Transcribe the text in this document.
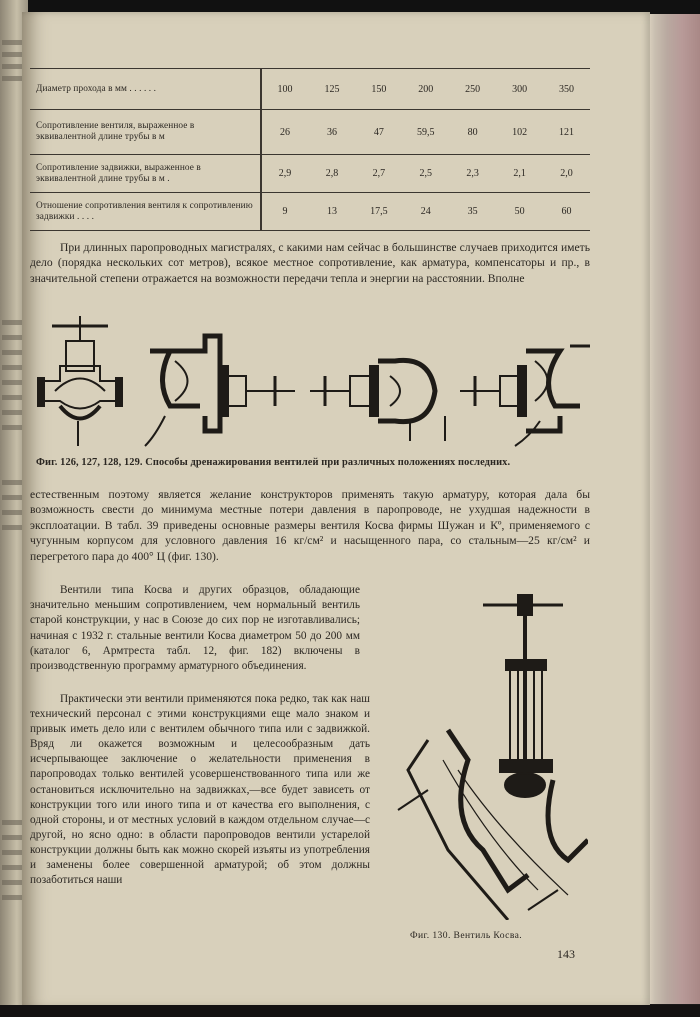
Диаметр прохода в мм . . . . . .	100	125	150	200	250	300	350
Сопротивление вентиля, выраженное в эквивалентной длине трубы в м	26	36	47	59,5	80	102	121
Сопротивление задвижки, выраженное в эквивалентной длине трубы в м .	2,9	2,8	2,7	2,5	2,3	2,1	2,0
Отношение сопротивления вентиля к сопротивлению задвижки . . . .	9	13	17,5	24	35	50	60

При длинных паропроводных магистралях, с какими нам сейчас в большинстве случаев приходится иметь дело (порядка нескольких сот метров), всякое местное сопротивление, как арматура, компенсаторы и пр., в значительной степени отражается на возможности передачи тепла и энергии на расстоянии. Вполне

Фиг. 126, 127, 128, 129. Способы дренажирования вентилей при различных положениях последних.

естественным поэтому является желание конструкторов применять такую арматуру, которая дала бы возможность свести до минимума местные потери давления в паропроводе, не ухудшая надежности в эксплоатации. В табл. 39 приведены основные размеры вентиля Косва фирмы Шужан и Кº, применяемого с чугунным корпусом для условного давления 16 кг/см² и насыщенного пара, со стальным—25 кг/см² и перегретого пара до 400° Ц (фиг. 130).

Вентили типа Косва и других образцов, обладающие значительно меньшим сопротивлением, чем нормальный вентиль старой конструкции, у нас в Союзе до сих пор не изготавливались; начиная с 1932 г. стальные вентили Косва диаметром 50 до 200 мм (каталог 6, Армтреста табл. 12, фиг. 182) включены в производственную программу арматурного объединения.

Практически эти вентили применяются пока редко, так как наш технический персонал с этими конструкциями еще мало знаком и привык иметь дело или с вентилем обычного типа или с задвижкой. Вряд ли окажется возможным и целесообразным дать исчерпывающее заключение о желательности применения в паропроводах только вентилей усовершенствованного типа или же остановиться исключительно на задвижках,—все будет зависеть от конструкции того или иного типа и от качества его выполнения, с одной стороны, и от местных условий в каждом отдельном случае—с другой, но ясно одно: в области паропроводов вентили устарелой конструкции должны быть как можно скорей изъяты из употребления и заменены более совершенной арматурой; об этом должны позаботиться наши

Фиг. 130. Вентиль Косва.
143
